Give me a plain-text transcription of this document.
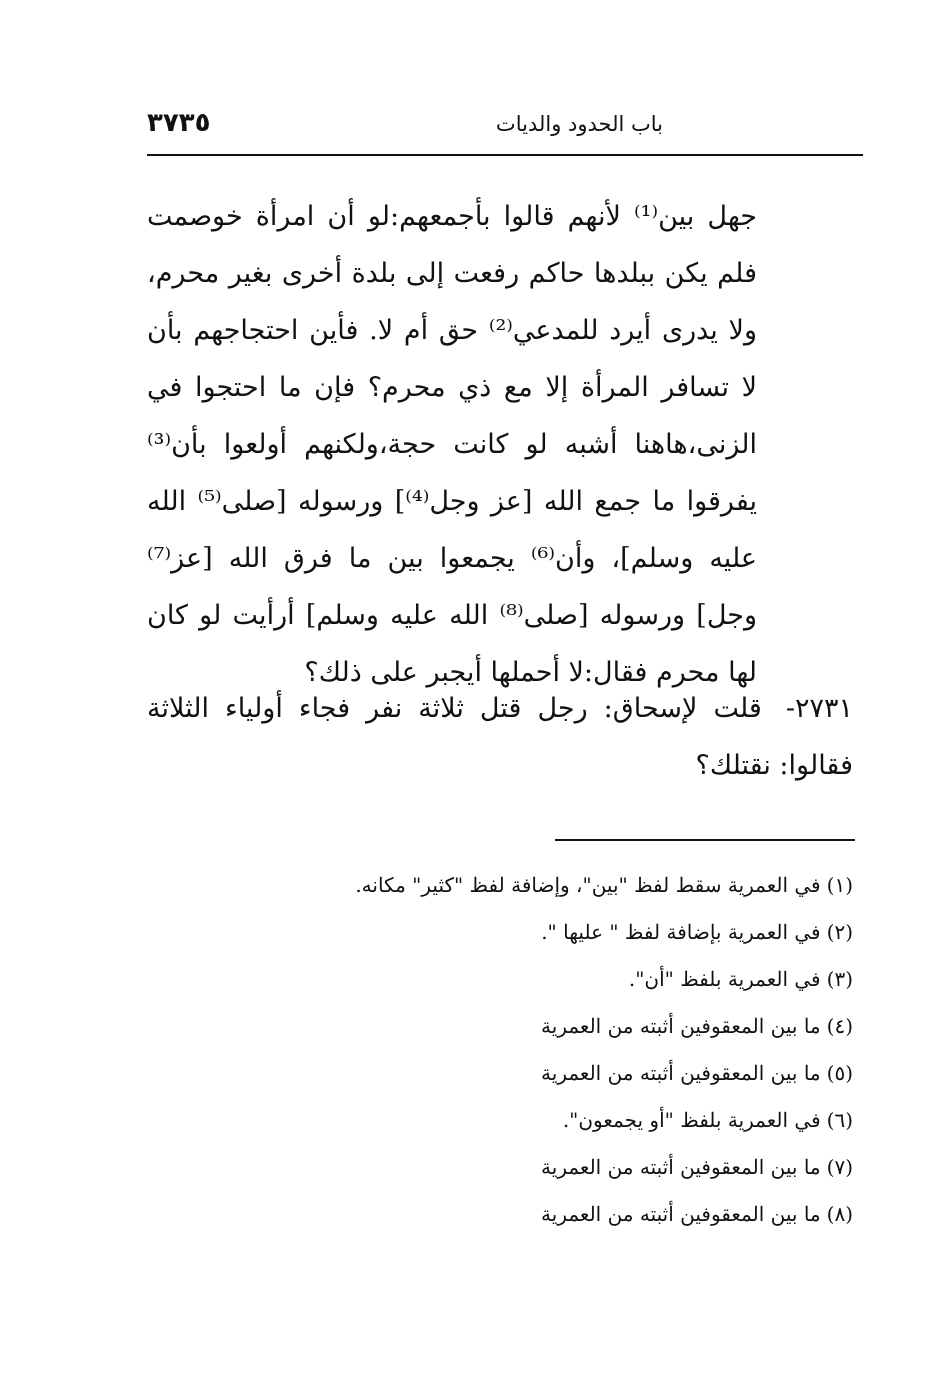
باب الحدود والديات
٣٧٣٥

جهل بين⁽¹⁾ لأنهم قالوا بأجمعهم:لو أن امرأة خوصمت فلم يكن ببلدها حاكم رفعت إلى بلدة أخرى بغير محرم، ولا يدرى أيرد للمدعي⁽²⁾ حق أم لا. فأين احتجاجهم بأن لا تسافر المرأة إلا مع ذي محرم؟ فإن ما احتجوا في الزنى،هاهنا أشبه لو كانت حجة،ولكنهم أولعوا بأن⁽³⁾ يفرقوا ما جمع الله [عز وجل⁽⁴⁾] ورسوله [صلى⁽⁵⁾ الله عليه وسلم]، وأن⁽⁶⁾ يجمعوا بين ما فرق الله [عز⁽⁷⁾ وجل] ورسوله [صلى⁽⁸⁾ الله عليه وسلم] أرأيت لو كان لها محرم فقال:لا أحملها أيجبر على ذلك؟

٢٧٣١- قلت لإسحاق: رجل قتل ثلاثة نفر فجاء أولياء الثلاثة فقالوا: نقتلك؟

(١)في العمرية سقط لفظ "بين"، وإضافة لفظ "كثير" مكانه.

(٢)في العمرية بإضافة لفظ " عليها ".

(٣)في العمرية بلفظ "أن".

(٤)ما بين المعقوفين أثبته من العمرية

(٥)ما بين المعقوفين أثبته من العمرية

(٦)في العمرية بلفظ "أو يجمعون".

(٧)ما بين المعقوفين أثبته من العمرية

(٨)ما بين المعقوفين أثبته من العمرية
